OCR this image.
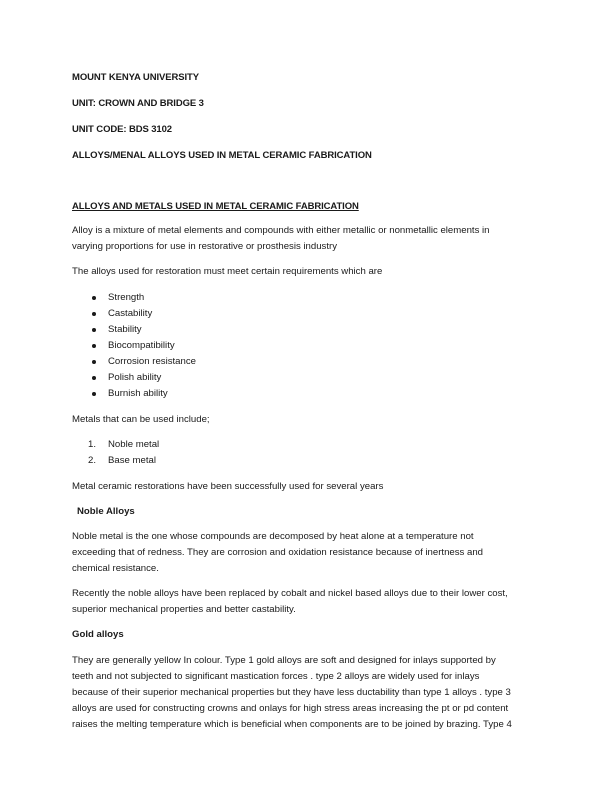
MOUNT KENYA UNIVERSITY
UNIT: CROWN AND BRIDGE 3
UNIT CODE: BDS 3102
ALLOYS/MENAL ALLOYS USED IN METAL CERAMIC FABRICATION
ALLOYS AND METALS USED IN METAL CERAMIC FABRICATION
Alloy is a mixture of metal elements and compounds with either metallic or nonmetallic elements in
varying proportions for use in restorative or prosthesis industry
The alloys used for restoration must meet certain requirements which are
Strength
Castability
Stability
Biocompatibility
Corrosion resistance
Polish ability
Burnish ability
Metals that can be used include;
1. Noble metal
2. Base metal
Metal ceramic restorations have been successfully used for several years
Noble Alloys
Noble metal is the one whose compounds are decomposed by heat alone at a temperature not
exceeding that of redness. They are corrosion and oxidation resistance because of inertness and
chemical resistance.
Recently the noble alloys have been replaced by cobalt and nickel based alloys due to their lower cost,
superior mechanical properties and better castability.
Gold alloys
They are generally yellow In colour. Type 1 gold alloys are soft and designed for inlays supported by
teeth and not subjected to significant mastication forces . type 2 alloys are widely used for inlays
because of their superior mechanical properties but they have less ductability than type 1 alloys . type 3
alloys are used for constructing crowns and onlays for high stress areas increasing the pt or pd content
raises the melting temperature which is beneficial when components are to be joined by brazing. Type 4
